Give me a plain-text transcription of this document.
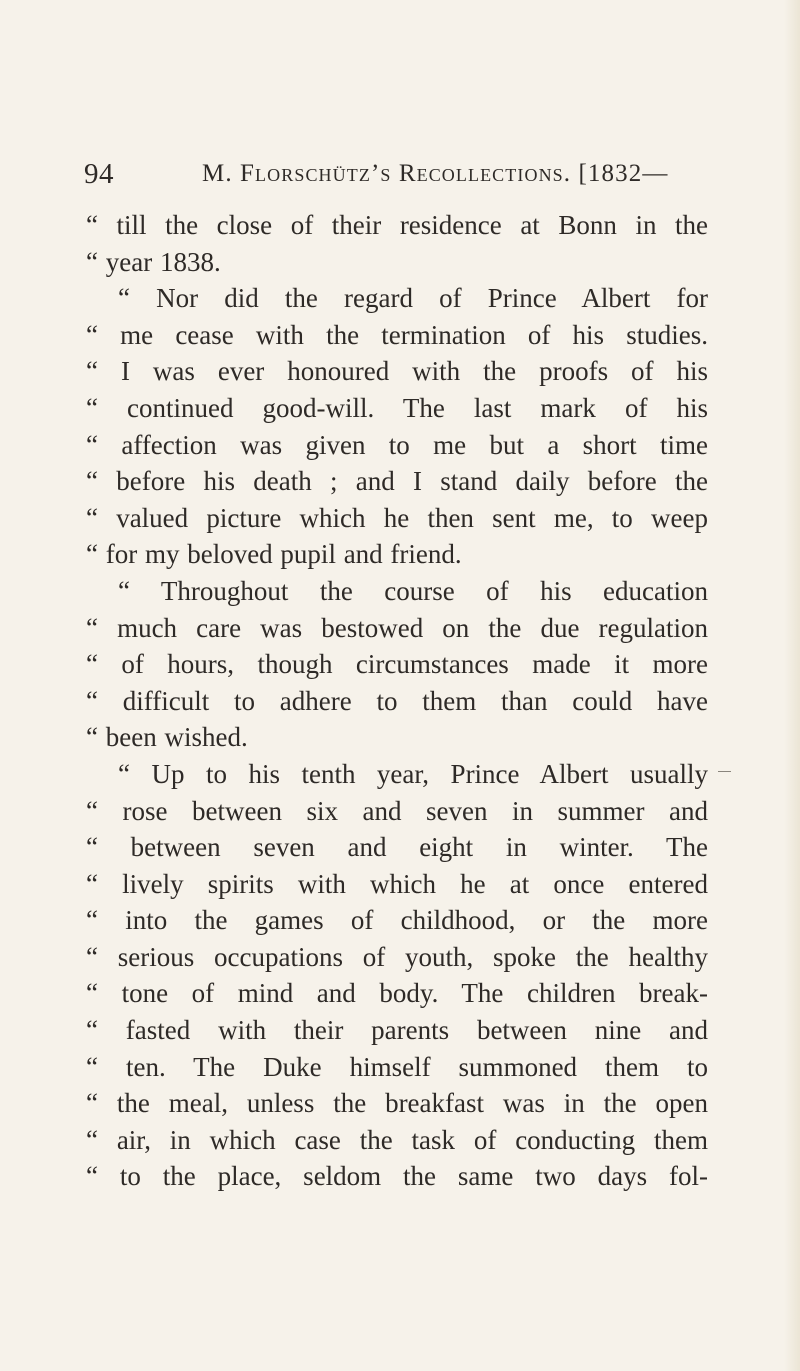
94	M. Florschütz’s Recollections. [1832—
“ till the close of their residence at Bonn in the
“ year 1838.
“ Nor did the regard of Prince Albert for
“ me cease with the termination of his studies.
“ I was ever honoured with the proofs of his
“ continued good-will. The last mark of his
“ affection was given to me but a short time
“ before his death ; and I stand daily before the
“ valued picture which he then sent me, to weep
“ for my beloved pupil and friend.
“ Throughout the course of his education
“ much care was bestowed on the due regulation
“ of hours, though circumstances made it more
“ difficult to adhere to them than could have
“ been wished.
“ Up to his tenth year, Prince Albert usually
“ rose between six and seven in summer and
“ between seven and eight in winter. The
“ lively spirits with which he at once entered
“ into the games of childhood, or the more
“ serious occupations of youth, spoke the healthy
“ tone of mind and body. The children break-
“ fasted with their parents between nine and
“ ten. The Duke himself summoned them to
“ the meal, unless the breakfast was in the open
“ air, in which case the task of conducting them
“ to the place, seldom the same two days fol-
